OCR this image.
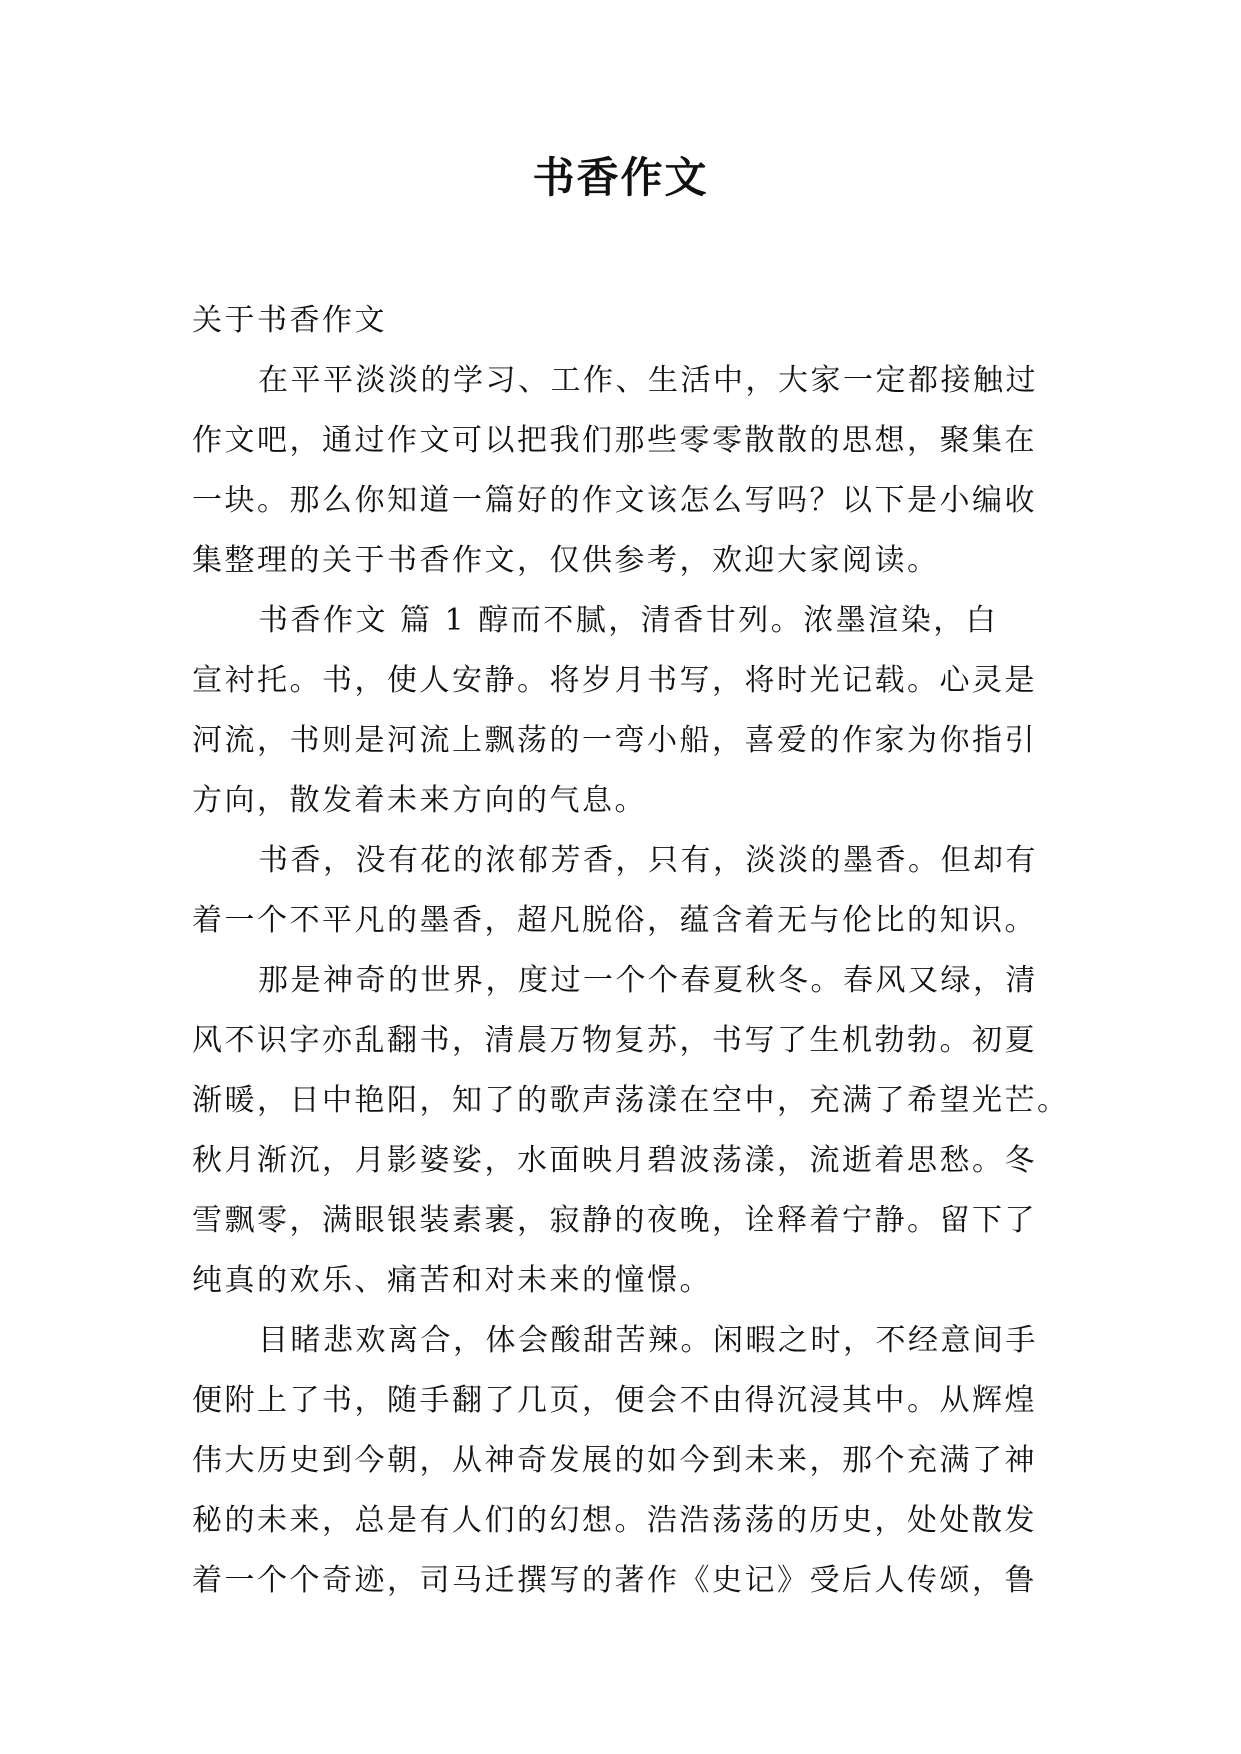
书香作文
关于书香作文
在平平淡淡的学习、工作、生活中，大家一定都接触过
作文吧，通过作文可以把我们那些零零散散的思想，聚集在
一块。那么你知道一篇好的作文该怎么写吗？以下是小编收
集整理的关于书香作文，仅供参考，欢迎大家阅读。
书香作文 篇 1 醇而不腻，清香甘列。浓墨渲染，白
宣衬托。书，使人安静。将岁月书写，将时光记载。心灵是
河流，书则是河流上飘荡的一弯小船，喜爱的作家为你指引
方向，散发着未来方向的气息。
书香，没有花的浓郁芳香，只有，淡淡的墨香。但却有
着一个不平凡的墨香，超凡脱俗，蕴含着无与伦比的知识。
那是神奇的世界，度过一个个春夏秋冬。春风又绿，清
风不识字亦乱翻书，清晨万物复苏，书写了生机勃勃。初夏
渐暖，日中艳阳，知了的歌声荡漾在空中，充满了希望光芒。
秋月渐沉，月影婆娑，水面映月碧波荡漾，流逝着思愁。冬
雪飘零，满眼银装素裹，寂静的夜晚，诠释着宁静。留下了
纯真的欢乐、痛苦和对未来的憧憬。
目睹悲欢离合，体会酸甜苦辣。闲暇之时，不经意间手
便附上了书，随手翻了几页，便会不由得沉浸其中。从辉煌
伟大历史到今朝，从神奇发展的如今到未来，那个充满了神
秘的未来，总是有人们的幻想。浩浩荡荡的历史，处处散发
着一个个奇迹，司马迁撰写的著作《史记》受后人传颂，鲁
